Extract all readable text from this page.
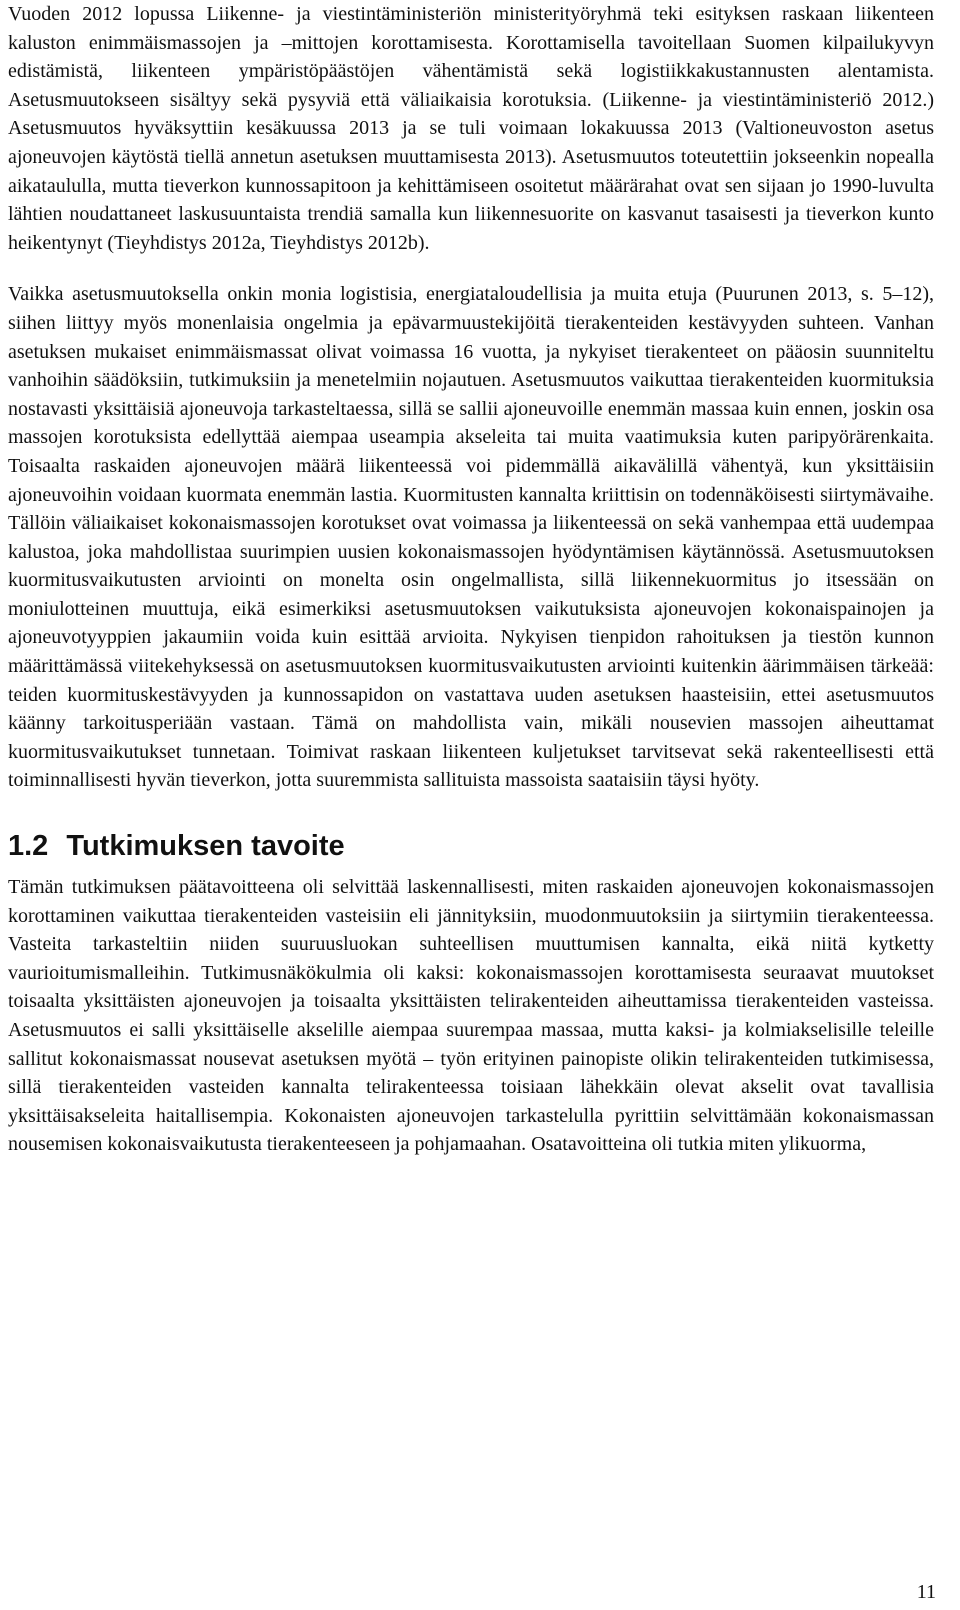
Vuoden 2012 lopussa Liikenne- ja viestintäministeriön ministerityöryhmä teki esityksen raskaan liikenteen kaluston enimmäismassojen ja –mittojen korottamisesta. Korottamisella tavoitellaan Suomen kilpailukyvyn edistämistä, liikenteen ympäristöpäästöjen vähentämistä sekä logistiikkakustannusten alentamista. Asetusmuutokseen sisältyy sekä pysyviä että väliaikaisia korotuksia. (Liikenne- ja viestintäministeriö 2012.) Asetusmuutos hyväksyttiin kesäkuussa 2013 ja se tuli voimaan lokakuussa 2013 (Valtioneuvoston asetus ajoneuvojen käytöstä tiellä annetun asetuksen muuttamisesta 2013). Asetusmuutos toteutettiin jokseenkin nopealla aikataululla, mutta tieverkon kunnossapitoon ja kehittämiseen osoitetut määrärahat ovat sen sijaan jo 1990-luvulta lähtien noudattaneet laskusuuntaista trendiä samalla kun liikennesuorite on kasvanut tasaisesti ja tieverkon kunto heikentynyt (Tieyhdistys 2012a, Tieyhdistys 2012b).

Vaikka asetusmuutoksella onkin monia logistisia, energiataloudellisia ja muita etuja (Puurunen 2013, s. 5–12), siihen liittyy myös monenlaisia ongelmia ja epävarmuustekijöitä tierakenteiden kestävyyden suhteen. Vanhan asetuksen mukaiset enimmäismassat olivat voimassa 16 vuotta, ja nykyiset tierakenteet on pääosin suunniteltu vanhoihin säädöksiin, tutkimuksiin ja menetelmiin nojautuen. Asetusmuutos vaikuttaa tierakenteiden kuormituksia nostavasti yksittäisiä ajoneuvoja tarkasteltaessa, sillä se sallii ajoneuvoille enemmän massaa kuin ennen, joskin osa massojen korotuksista edellyttää aiempaa useampia akseleita tai muita vaatimuksia kuten paripyörärenkaita. Toisaalta raskaiden ajoneuvojen määrä liikenteessä voi pidemmällä aikavälillä vähentyä, kun yksittäisiin ajoneuvoihin voidaan kuormata enemmän lastia. Kuormitusten kannalta kriittisin on todennäköisesti siirtymävaihe. Tällöin väliaikaiset kokonaismassojen korotukset ovat voimassa ja liikenteessä on sekä vanhempaa että uudempaa kalustoa, joka mahdollistaa suurimpien uusien kokonaismassojen hyödyntämisen käytännössä. Asetusmuutoksen kuormitusvaikutusten arviointi on monelta osin ongelmallista, sillä liikennekuormitus jo itsessään on moniulotteinen muuttuja, eikä esimerkiksi asetusmuutoksen vaikutuksista ajoneuvojen kokonaispainojen ja ajoneuvotyyppien jakaumiin voida kuin esittää arvioita. Nykyisen tienpidon rahoituksen ja tiestön kunnon määrittämässä viitekehyksessä on asetusmuutoksen kuormitusvaikutusten arviointi kuitenkin äärimmäisen tärkeää: teiden kuormituskestävyyden ja kunnossapidon on vastattava uuden asetuksen haasteisiin, ettei asetusmuutos käänny tarkoitusperiään vastaan. Tämä on mahdollista vain, mikäli nousevien massojen aiheuttamat kuormitusvaikutukset tunnetaan. Toimivat raskaan liikenteen kuljetukset tarvitsevat sekä rakenteellisesti että toiminnallisesti hyvän tieverkon, jotta suuremmista sallituista massoista saataisiin täysi hyöty.

1.2 Tutkimuksen tavoite

Tämän tutkimuksen päätavoitteena oli selvittää laskennallisesti, miten raskaiden ajoneuvojen kokonaismassojen korottaminen vaikuttaa tierakenteiden vasteisiin eli jännityksiin, muodonmuutoksiin ja siirtymiin tierakenteessa. Vasteita tarkasteltiin niiden suuruusluokan suhteellisen muuttumisen kannalta, eikä niitä kytketty vaurioitumismalleihin. Tutkimusnäkökulmia oli kaksi: kokonaismassojen korottamisesta seuraavat muutokset toisaalta yksittäisten ajoneuvojen ja toisaalta yksittäisten telirakenteiden aiheuttamissa tierakenteiden vasteissa. Asetusmuutos ei salli yksittäiselle akselille aiempaa suurempaa massaa, mutta kaksi- ja kolmiakselisille teleille sallitut kokonaismassat nousevat asetuksen myötä – työn erityinen painopiste olikin telirakenteiden tutkimisessa, sillä tierakenteiden vasteiden kannalta telirakenteessa toisiaan lähekkäin olevat akselit ovat tavallisia yksittäisakseleita haitallisempia. Kokonaisten ajoneuvojen tarkastelulla pyrittiin selvittämään kokonaismassan nousemisen kokonaisvaikutusta tierakenteeseen ja pohjamaahan. Osatavoitteina oli tutkia miten ylikuorma,

11
